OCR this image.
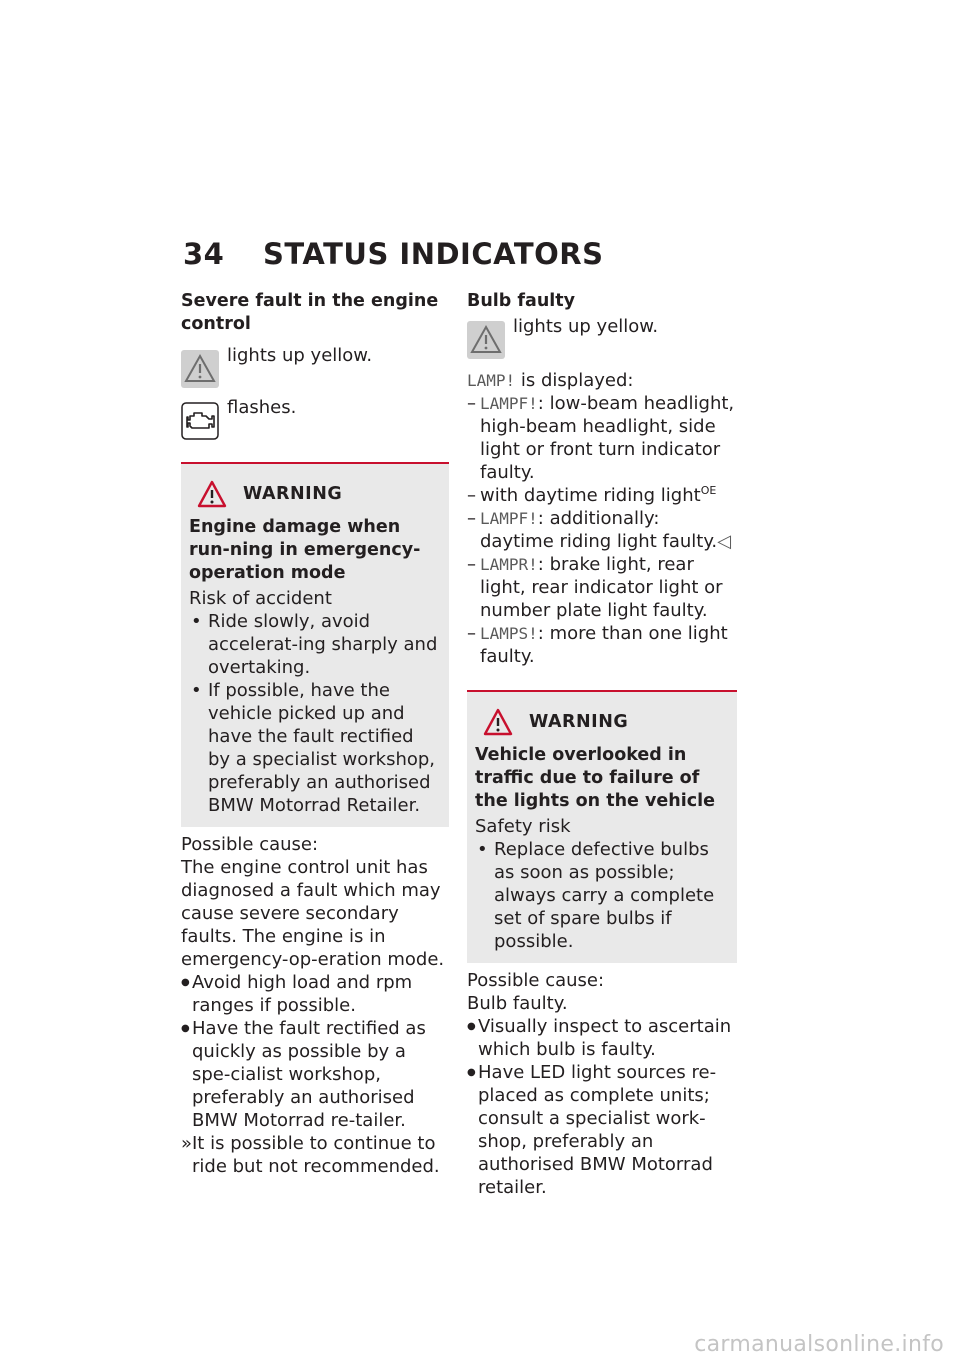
34	STATUS INDICATORS
Severe fault in the engine control
lights up yellow.
flashes.
WARNING
Engine damage when run-ning in emergency-operation mode
Risk of accident
• Ride slowly, avoid accelerat-ing sharply and overtaking.
• If possible, have the vehicle picked up and have the fault rectified by a specialist workshop, preferably an authorised BMW Motorrad Retailer.
Possible cause:
The engine control unit has diagnosed a fault which may cause severe secondary faults. The engine is in emergency-op-eration mode.
● Avoid high load and rpm ranges if possible.
● Have the fault rectified as quickly as possible by a spe-cialist workshop, preferably an authorised BMW Motorrad re-tailer.
» It is possible to continue to ride but not recommended.
Bulb faulty
lights up yellow.
LAMP! is displayed:
– LAMPF!: low-beam headlight, high-beam headlight, side light or front turn indicator faulty.
– with daytime riding light$^{OE}$
– LAMPF!: additionally: daytime riding light faulty.◁
– LAMPR!: brake light, rear light, rear indicator light or number plate light faulty.
– LAMPS!: more than one light faulty.
WARNING
Vehicle overlooked in traffic due to failure of the lights on the vehicle
Safety risk
• Replace defective bulbs as soon as possible; always carry a complete set of spare bulbs if possible.
Possible cause:
Bulb faulty.
● Visually inspect to ascertain which bulb is faulty.
● Have LED light sources re-placed as complete units; consult a specialist work-shop, preferably an authorised BMW Motorrad retailer.
carmanualsonline.info
